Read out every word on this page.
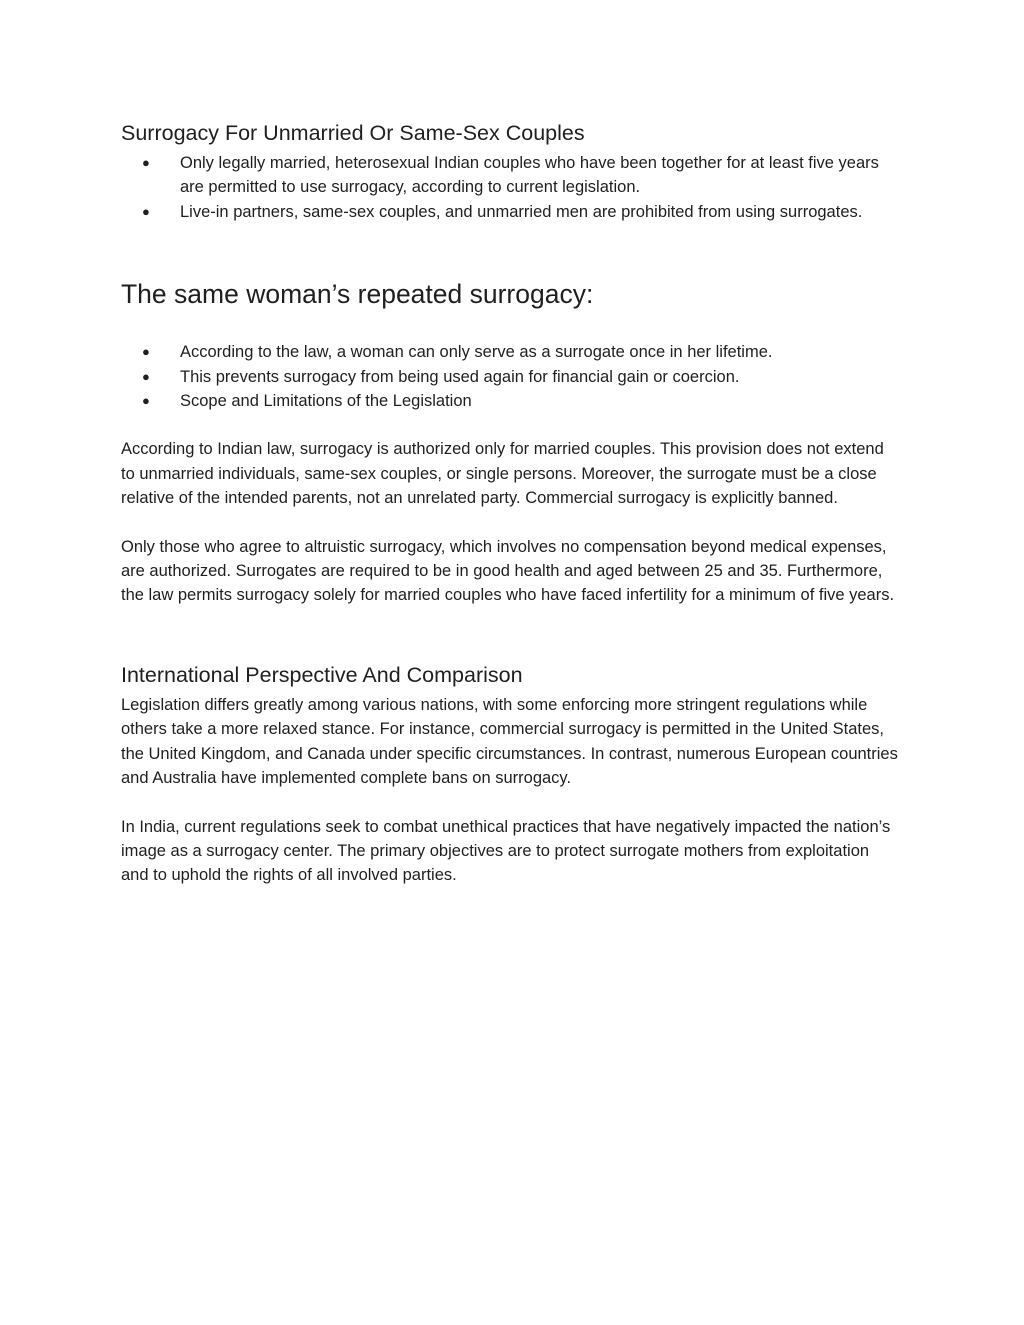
Surrogacy For Unmarried Or Same-Sex Couples
● Only legally married, heterosexual Indian couples who have been together for at least five years are permitted to use surrogacy, according to current legislation.
● Live-in partners, same-sex couples, and unmarried men are prohibited from using surrogates.
The same woman’s repeated surrogacy:
● According to the law, a woman can only serve as a surrogate once in her lifetime.
● This prevents surrogacy from being used again for financial gain or coercion.
● Scope and Limitations of the Legislation

According to Indian law, surrogacy is authorized only for married couples. This provision does not extend to unmarried individuals, same-sex couples, or single persons. Moreover, the surrogate must be a close relative of the intended parents, not an unrelated party. Commercial surrogacy is explicitly banned.

Only those who agree to altruistic surrogacy, which involves no compensation beyond medical expenses, are authorized. Surrogates are required to be in good health and aged between 25 and 35. Furthermore, the law permits surrogacy solely for married couples who have faced infertility for a minimum of five years.

International Perspective And Comparison

Legislation differs greatly among various nations, with some enforcing more stringent regulations while others take a more relaxed stance. For instance, commercial surrogacy is permitted in the United States, the United Kingdom, and Canada under specific circumstances. In contrast, numerous European countries and Australia have implemented complete bans on surrogacy.

In India, current regulations seek to combat unethical practices that have negatively impacted the nation’s image as a surrogacy center. The primary objectives are to protect surrogate mothers from exploitation and to uphold the rights of all involved parties.
